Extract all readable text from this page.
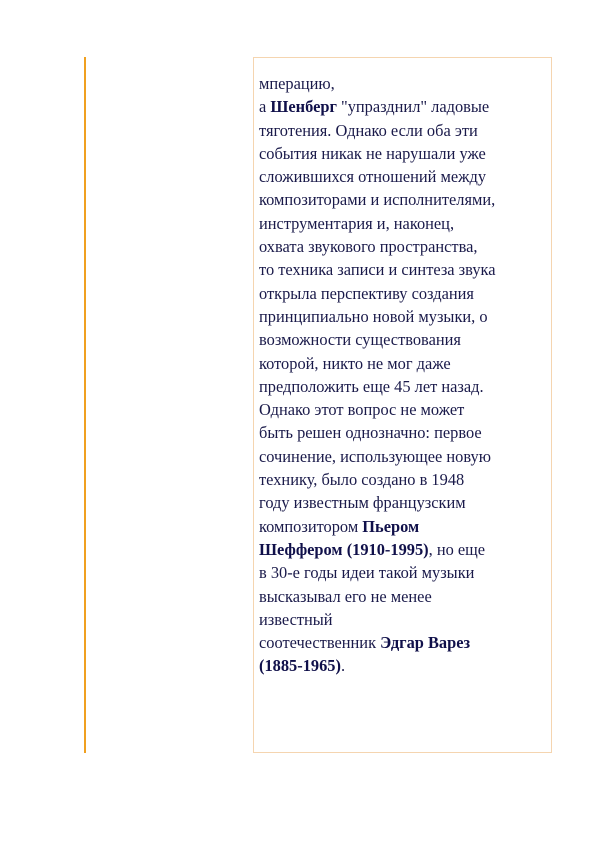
мперацию,
а Шенберг "упразднил" ладовые
тяготения. Однако если оба эти
события никак не нарушали уже
сложившихся отношений между
композиторами и исполнителями,
инструментария и, наконец,
охвата звукового пространства,
то техника записи и синтеза звука
открыла перспективу создания
принципиально новой музыки, о
возможности существования
которой, никто не мог даже
предположить еще 45 лет назад.
Однако этот вопрос не может
быть решен однозначно: первое
сочинение, использующее новую
технику, было создано в 1948
году известным французским
композитором Пьером
Шеффером (1910-1995), но еще
в 30-е годы идеи такой музыки
высказывал его не менее
известный
соотечественник Эдгар Варез
(1885-1965).
